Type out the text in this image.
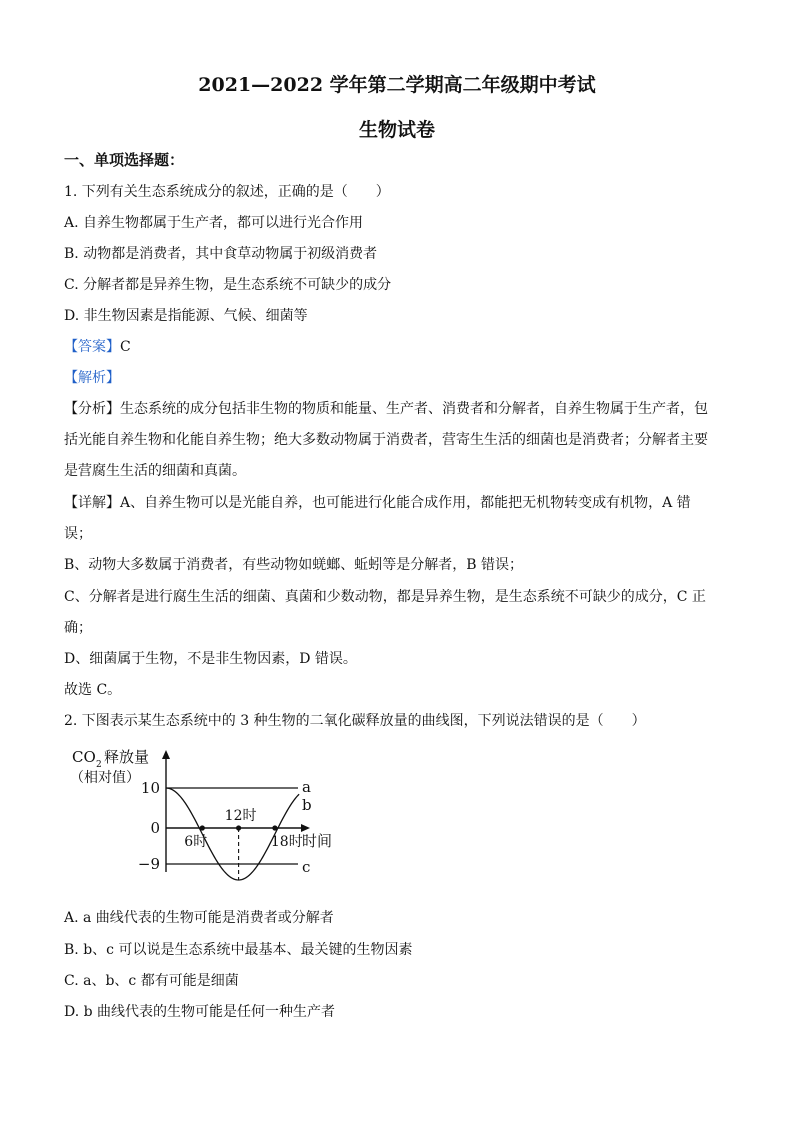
2021—2022 学年第二学期高二年级期中考试
生物试卷
一、单项选择题：
1. 下列有关生态系统成分的叙述，正确的是（　　）
A. 自养生物都属于生产者，都可以进行光合作用
B. 动物都是消费者，其中食草动物属于初级消费者
C. 分解者都是异养生物，是生态系统不可缺少的成分
D. 非生物因素是指能源、气候、细菌等
【答案】C
【解析】
【分析】生态系统的成分包括非生物的物质和能量、生产者、消费者和分解者，自养生物属于生产者，包
括光能自养生物和化能自养生物；绝大多数动物属于消费者，营寄生生活的细菌也是消费者；分解者主要
是营腐生生活的细菌和真菌。
【详解】A、自养生物可以是光能自养，也可能进行化能合成作用，都能把无机物转变成有机物，A 错
误；
B、动物大多数属于消费者，有些动物如蜣螂、蚯蚓等是分解者，B 错误；
C、分解者是进行腐生生活的细菌、真菌和少数动物，都是异养生物，是生态系统不可缺少的成分，C 正
确；
D、细菌属于生物，不是非生物因素，D 错误。
故选 C。
2. 下图表示某生态系统中的 3 种生物的二氧化碳释放量的曲线图，下列说法错误的是（　　）
CO 2 释放量
（相对值）
10
0
−9
a
b
c
6时
12时
18时 时间
A. a 曲线代表的生物可能是消费者或分解者
B. b、c 可以说是生态系统中最基本、最关键的生物因素
C. a、b、c 都有可能是细菌
D. b 曲线代表的生物可能是任何一种生产者
